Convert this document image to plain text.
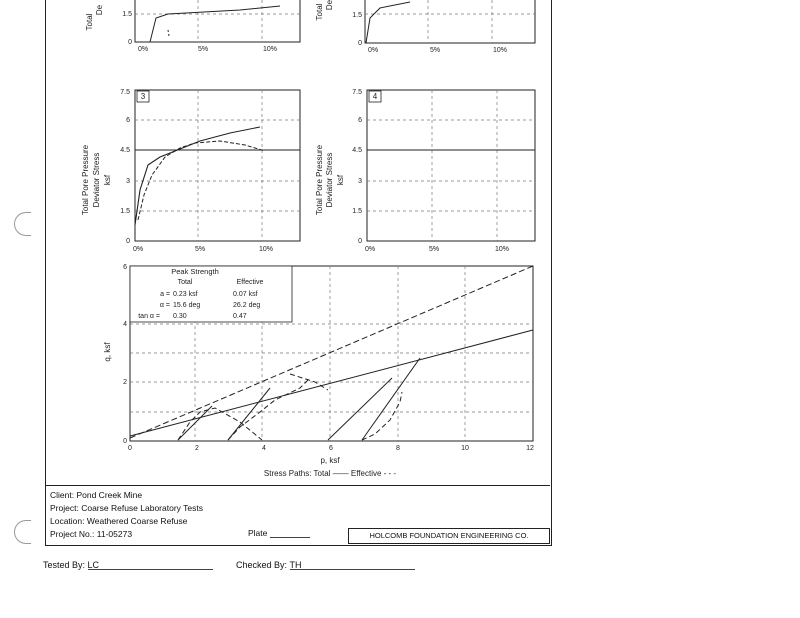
Total
De	1.5
0
0%	5%	10%
Total De
1.5
0
0%	5%	10%
Total Pore Pressure Deviator Stress ksf
3
7.5
6
4.5
3
1.5
0
0%	5%	10%
Total Pore Pressure Deviator Stress ksf
4
7.5
6
4.5
3
1.5
0
0%	5%	10%
q, ksf
Peak Strength
Total	Effective
a = 0.23 ksf	0.07 ksf
α = 15.6 deg	26.2 deg
tan α = 0.30	0.47
6
4
2
0
0	2	4	6	8	10	12
p, ksf
Stress Paths: Total —— Effective - - -
Client: Pond Creek Mine
Project: Coarse Refuse Laboratory Tests
Location: Weathered Coarse Refuse
Project No.: 11-05273	Plate	HOLCOMB FOUNDATION ENGINEERING CO.
Tested By: LC	Checked By: TH
